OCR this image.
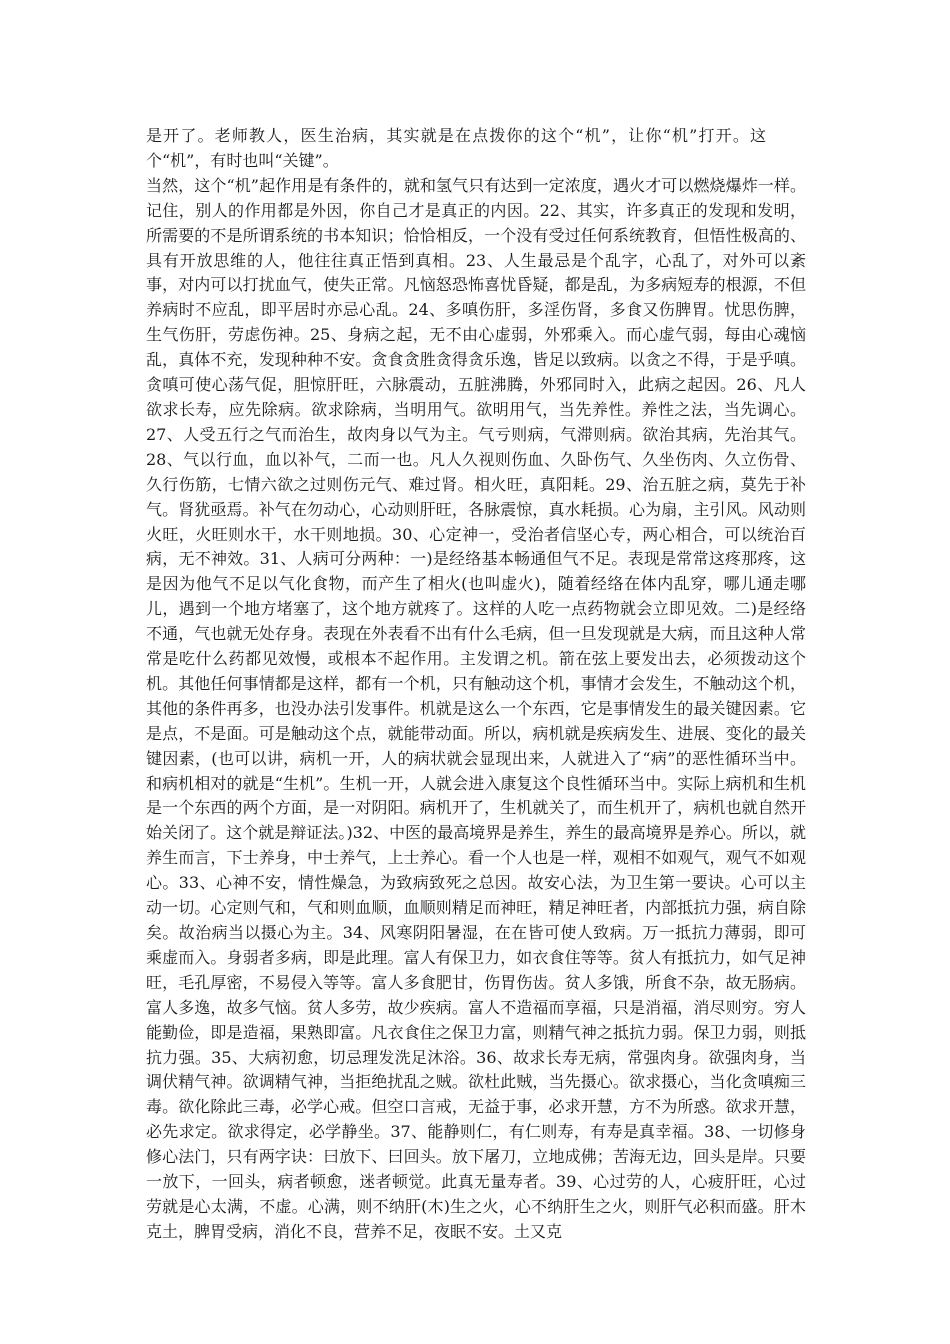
是开了。老师教人，医生治病，其实就是在点拨你的这个“机”，让你“机”打开。这个“机”，有时也叫“关键”。

当然，这个“机”起作用是有条件的，就和氢气只有达到一定浓度，遇火才可以燃烧爆炸一样。记住，别人的作用都是外因，你自己才是真正的内因。22、其实，许多真正的发现和发明，所需要的不是所谓系统的书本知识；恰恰相反，一个没有受过任何系统教育，但悟性极高的、具有开放思维的人，他往往真正悟到真相。23、人生最忌是个乱字，心乱了，对外可以紊事，对内可以打扰血气，使失正常。凡恼怒恐怖喜忧昏疑，都是乱，为多病短寿的根源，不但养病时不应乱，即平居时亦忌心乱。24、多嗔伤肝，多淫伤肾，多食又伤脾胃。忧思伤脾，生气伤肝，劳虑伤神。25、身病之起，无不由心虚弱，外邪乘入。而心虚气弱，每由心魂恼乱，真体不充，发现种种不安。贪食贪胜贪得贪乐逸，皆足以致病。以贪之不得，于是乎嗔。贪嗔可使心荡气促，胆惊肝旺，六脉震动，五脏沸腾，外邪同时入，此病之起因。26、凡人欲求长寿，应先除病。欲求除病，当明用气。欲明用气，当先养性。养性之法，当先调心。27、人受五行之气而治生，故肉身以气为主。气亏则病，气滞则病。欲治其病，先治其气。28、气以行血，血以补气，二而一也。凡人久视则伤血、久卧伤气、久坐伤肉、久立伤骨、久行伤筋，七情六欲之过则伤元气、难过肾。相火旺，真阳耗。29、治五脏之病，莫先于补气。肾犹亟焉。补气在勿动心，心动则肝旺，各脉震惊，真水耗损。心为扇，主引风。风动则火旺，火旺则水干，水干则地损。30、心定神一，受治者信坚心专，两心相合，可以统治百病，无不神效。31、人病可分两种：一)是经络基本畅通但气不足。表现是常常这疼那疼，这是因为他气不足以气化食物，而产生了相火(也叫虚火)，随着经络在体内乱穿，哪儿通走哪儿，遇到一个地方堵塞了，这个地方就疼了。这样的人吃一点药物就会立即见效。二)是经络不通，气也就无处存身。表现在外表看不出有什么毛病，但一旦发现就是大病，而且这种人常常是吃什么药都见效慢，或根本不起作用。主发谓之机。箭在弦上要发出去，必须拨动这个机。其他任何事情都是这样，都有一个机，只有触动这个机，事情才会发生，不触动这个机，其他的条件再多，也没办法引发事件。机就是这么一个东西，它是事情发生的最关键因素。它是点，不是面。可是触动这个点，就能带动面。所以，病机就是疾病发生、进展、变化的最关键因素，(也可以讲，病机一开，人的病状就会显现出来，人就进入了“病”的恶性循环当中。和病机相对的就是“生机”。生机一开，人就会进入康复这个良性循环当中。实际上病机和生机是一个东西的两个方面，是一对阴阳。病机开了，生机就关了，而生机开了，病机也就自然开始关闭了。这个就是辩证法。)32、中医的最高境界是养生，养生的最高境界是养心。所以，就养生而言，下士养身，中士养气，上士养心。看一个人也是一样，观相不如观气，观气不如观心。33、心神不安，情性燥急，为致病致死之总因。故安心法，为卫生第一要诀。心可以主动一切。心定则气和，气和则血顺，血顺则精足而神旺，精足神旺者，内部抵抗力强，病自除矣。故治病当以摄心为主。34、风寒阴阳暑湿，在在皆可使人致病。万一抵抗力薄弱，即可乘虚而入。身弱者多病，即是此理。富人有保卫力，如衣食住等等。贫人有抵抗力，如气足神旺，毛孔厚密，不易侵入等等。富人多食肥甘，伤胃伤齿。贫人多饿，所食不杂，故无肠病。富人多逸，故多气恼。贫人多劳，故少疾病。富人不造福而享福，只是消福，消尽则穷。穷人能勤俭，即是造福，果熟即富。凡衣食住之保卫力富，则精气神之抵抗力弱。保卫力弱，则抵抗力强。35、大病初愈，切忌理发洗足沐浴。36、故求长寿无病，常强肉身。欲强肉身，当调伏精气神。欲调精气神，当拒绝扰乱之贼。欲杜此贼，当先摄心。欲求摄心，当化贪嗔痴三毒。欲化除此三毒，必学心戒。但空口言戒，无益于事，必求开慧，方不为所惑。欲求开慧，必先求定。欲求得定，必学静坐。37、能静则仁，有仁则寿，有寿是真幸福。38、一切修身修心法门，只有两字诀：曰放下、曰回头。放下屠刀，立地成佛；苦海无边，回头是岸。只要一放下，一回头，病者顿愈，迷者顿觉。此真无量寿者。39、心过劳的人，心疲肝旺，心过劳就是心太满，不虚。心满，则不纳肝(木)生之火，心不纳肝生之火，则肝气必积而盛。肝木克土，脾胃受病，消化不良，营养不足，夜眠不安。土又克
